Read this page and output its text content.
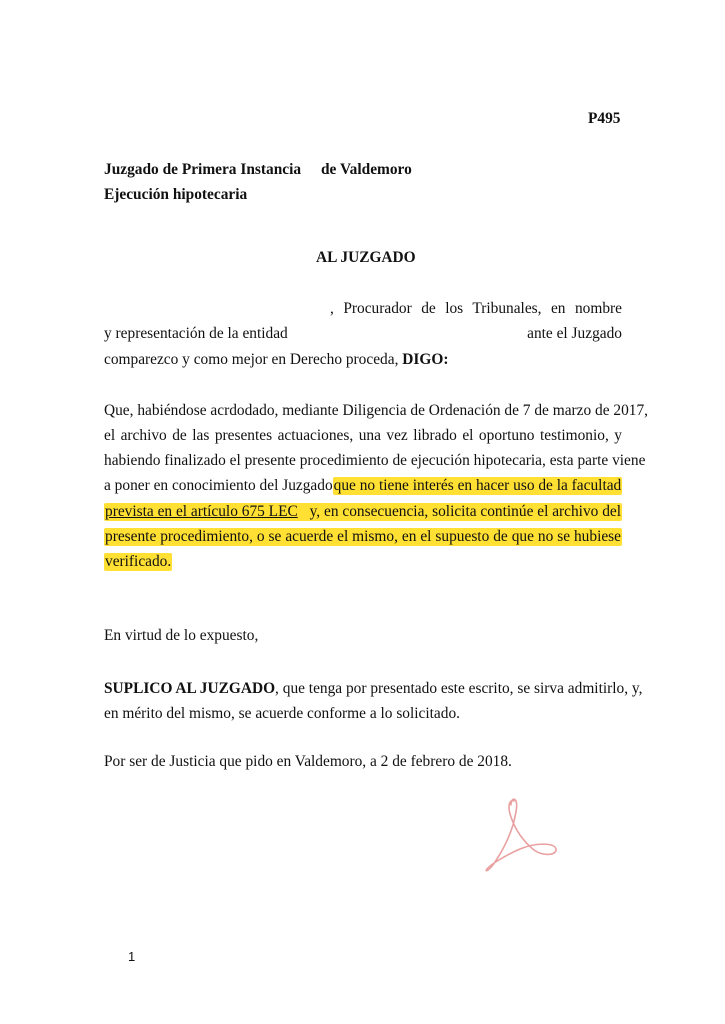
P495
Juzgado de Primera Instancia de Valdemoro
Ejecución hipotecaria
AL JUZGADO
, Procurador de los Tribunales, en nombre
y representación de la entidad	ante el Juzgado
comparezco y como mejor en Derecho proceda, DIGO:
Que, habiéndose acrdodado, mediante Diligencia de Ordenación de 7 de marzo de 2017,
el archivo de las presentes actuaciones, una vez librado el oportuno testimonio, y
habiendo finalizado el presente procedimiento de ejecución hipotecaria, esta parte viene
a poner en conocimiento del Juzgado que no tiene interés en hacer uso de la facultad
prevista en el artículo 675 LEC y, en consecuencia, solicita continúe el archivo del
presente procedimiento, o se acuerde el mismo, en el supuesto de que no se hubiese
verificado.
En virtud de lo expuesto,
SUPLICO AL JUZGADO, que tenga por presentado este escrito, se sirva admitirlo, y,
en mérito del mismo, se acuerde conforme a lo solicitado.
Por ser de Justicia que pido en Valdemoro, a 2 de febrero de 2018.
1
